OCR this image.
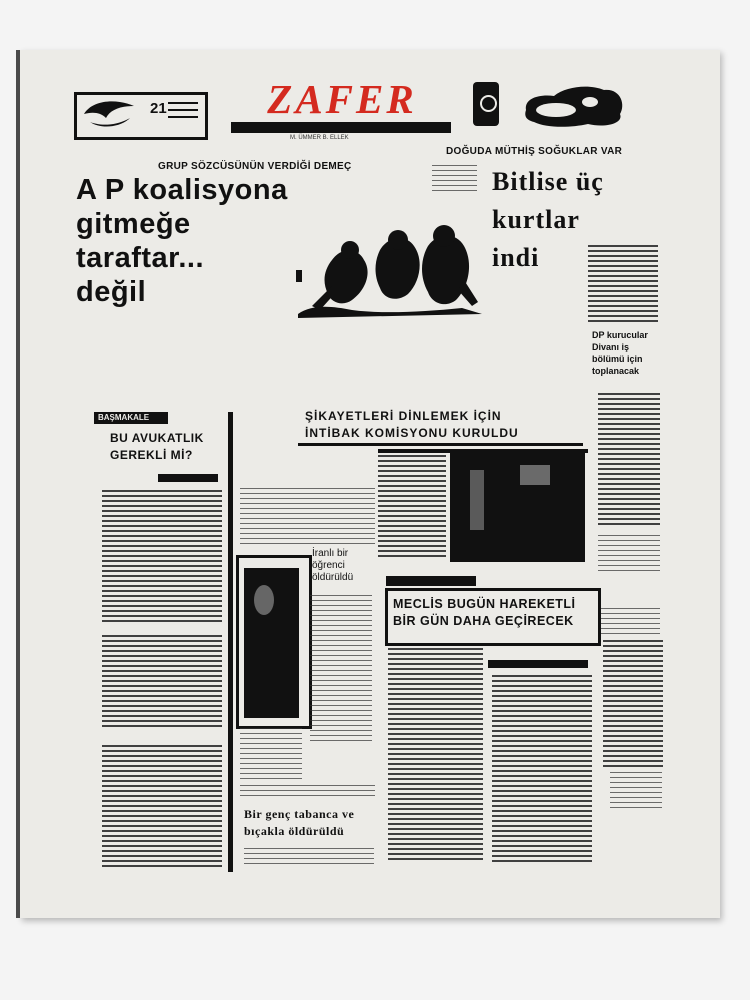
21	ZAFER
M. ÜMMER B. ELLEK
GRUP SÖZCÜSÜNÜN VERDİĞİ DEMEÇ
DOĞUDA MÜTHİŞ SOĞUKLAR VAR
A P koalisyona
gitmeğe
taraftar...
değil
Bitlise üç
kurtlar
indi
DP kurucular
Divanı iş
bölümü için
toplanacak
BAŞMAKALE
BU AVUKATLIK
GEREKLİ Mİ?
ŞİKAYETLERİ DİNLEMEK İÇİN
İNTİBAK KOMİSYONU KURULDU
İranlı bir
öğrenci
öldürüldü
MECLİS BUGÜN HAREKETLİ
BİR GÜN DAHA GEÇİRECEK
Bir genç tabanca ve
bıçakla öldürüldü
